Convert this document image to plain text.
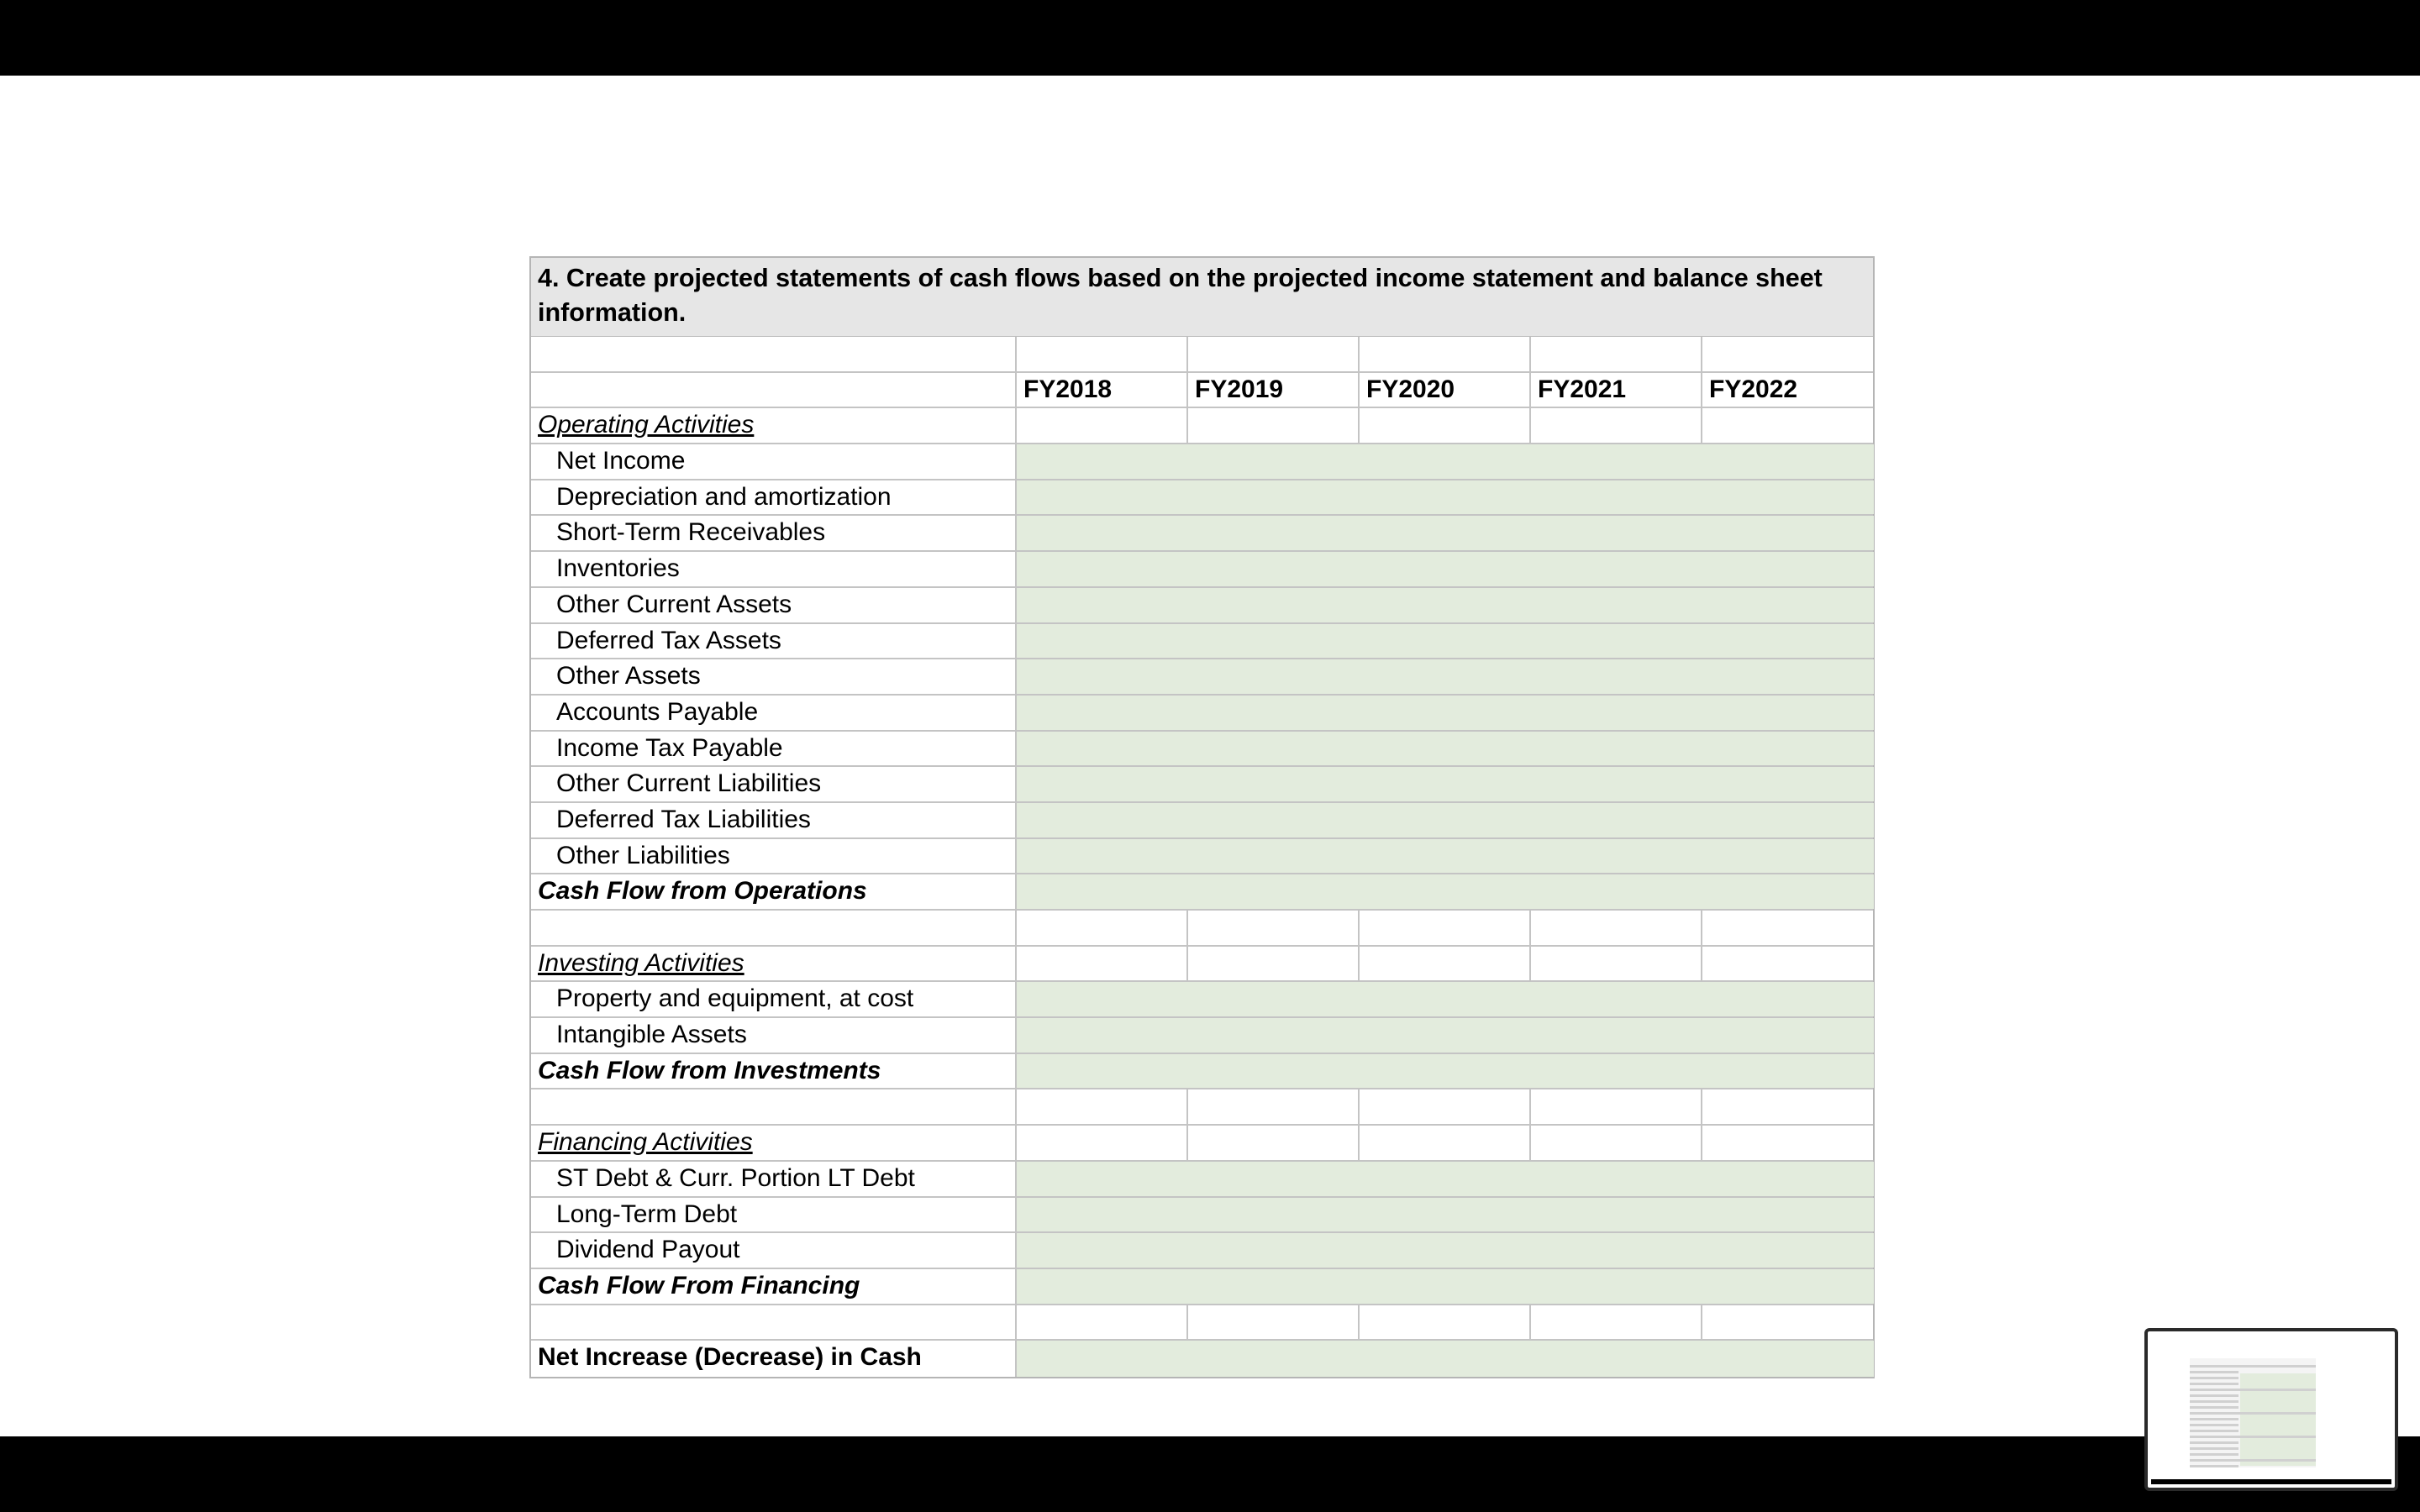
4. Create projected statements of cash flows based on the projected income statement and balance sheet information.
FY2018	FY2019	FY2020	FY2021	FY2022
Operating Activities
Net Income
Depreciation and amortization
Short-Term Receivables
Inventories
Other Current Assets
Deferred Tax Assets
Other Assets
Accounts Payable
Income Tax Payable
Other Current Liabilities
Deferred Tax Liabilities
Other Liabilities
Cash Flow from Operations
Investing Activities
Property and equipment, at cost
Intangible Assets
Cash Flow from Investments
Financing Activities
ST Debt & Curr. Portion LT Debt
Long-Term Debt
Dividend Payout
Cash Flow From Financing
Net Increase (Decrease) in Cash
